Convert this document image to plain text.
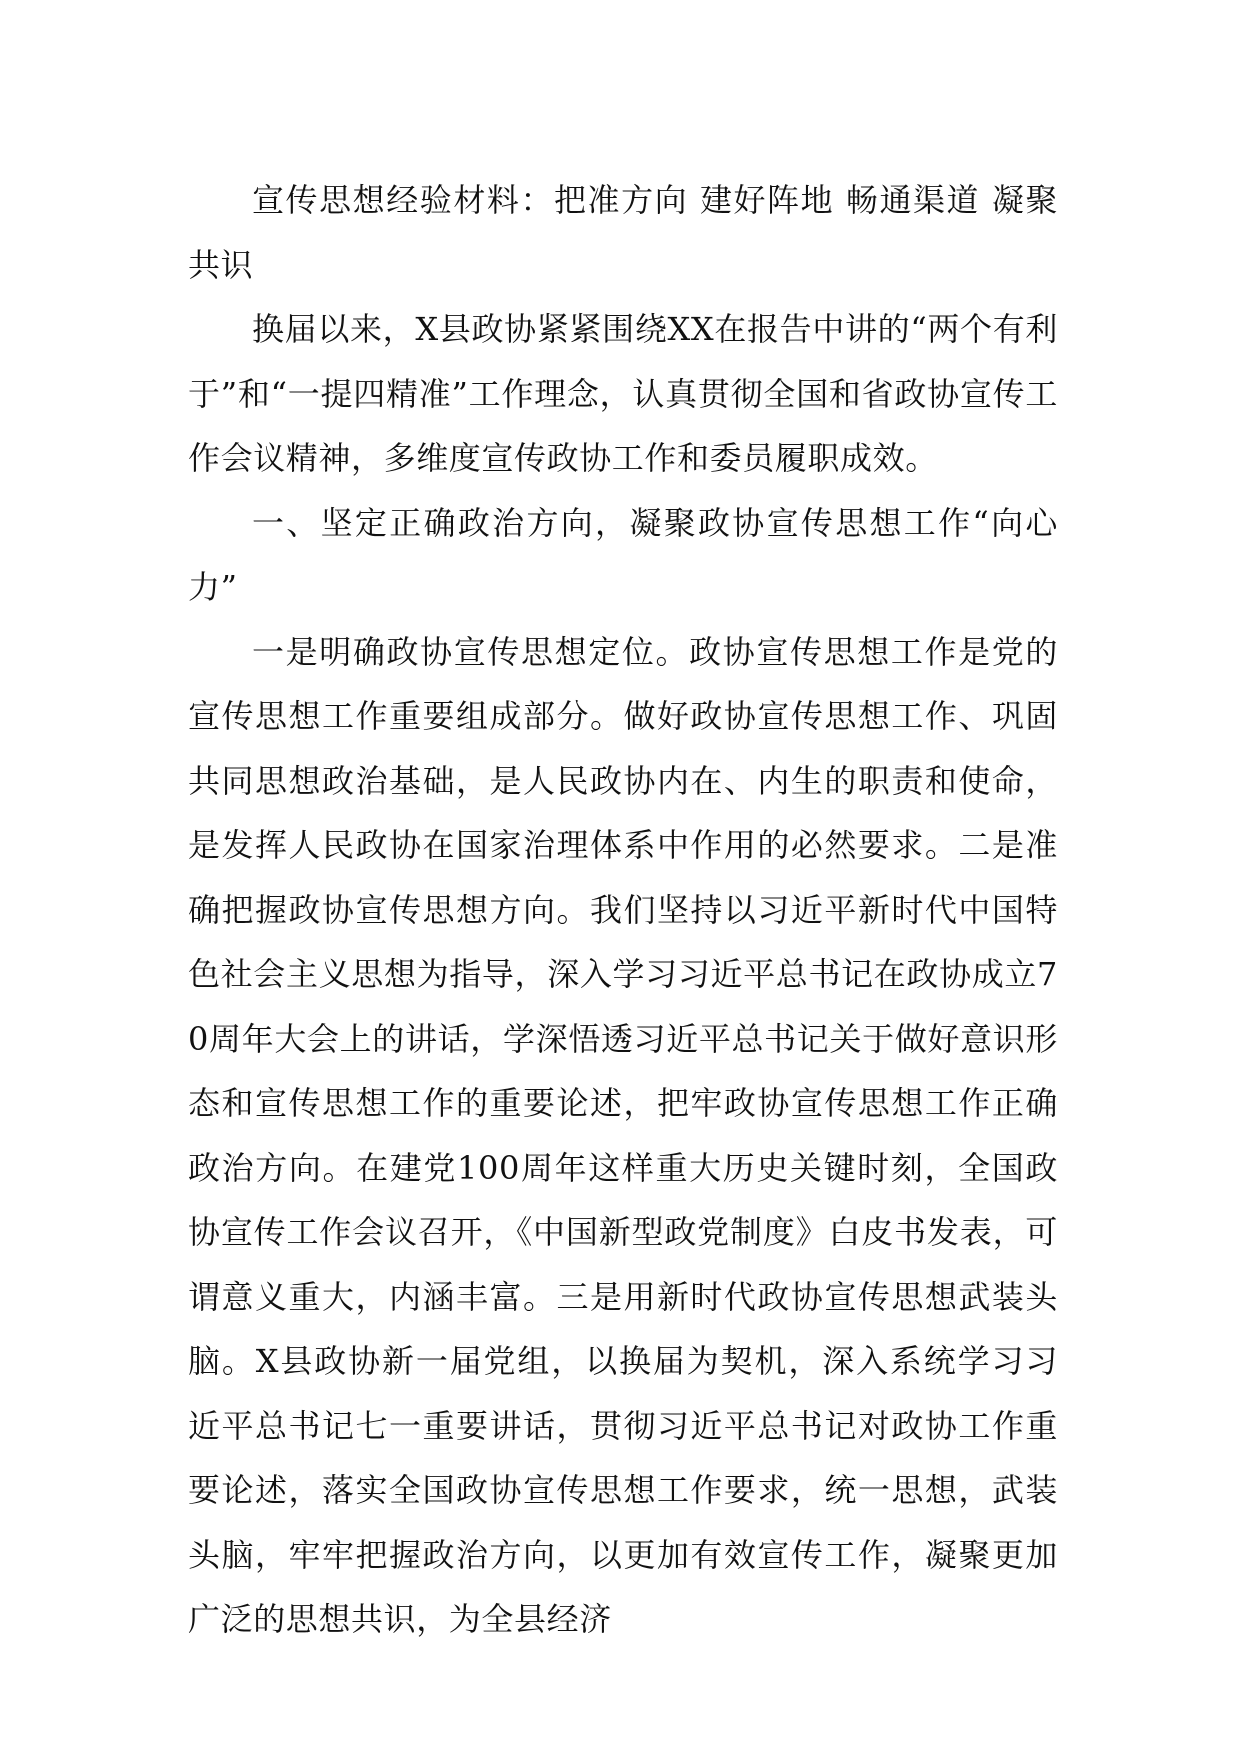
宣传思想经验材料：把准方向 建好阵地 畅通渠道 凝聚共识

换届以来，X县政协紧紧围绕XX在报告中讲的“两个有利于”和“一提四精准”工作理念，认真贯彻全国和省政协宣传工作会议精神，多维度宣传政协工作和委员履职成效。

一、坚定正确政治方向，凝聚政协宣传思想工作“向心力”

一是明确政协宣传思想定位。政协宣传思想工作是党的宣传思想工作重要组成部分。做好政协宣传思想工作、巩固共同思想政治基础，是人民政协内在、内生的职责和使命，是发挥人民政协在国家治理体系中作用的必然要求。二是准确把握政协宣传思想方向。我们坚持以习近平新时代中国特色社会主义思想为指导，深入学习习近平总书记在政协成立70周年大会上的讲话，学深悟透习近平总书记关于做好意识形态和宣传思想工作的重要论述，把牢政协宣传思想工作正确政治方向。在建党100周年这样重大历史关键时刻，全国政协宣传工作会议召开，《中国新型政党制度》白皮书发表，可谓意义重大，内涵丰富。三是用新时代政协宣传思想武装头脑。X县政协新一届党组，以换届为契机，深入系统学习习近平总书记七一重要讲话，贯彻习近平总书记对政协工作重要论述，落实全国政协宣传思想工作要求，统一思想，武装头脑，牢牢把握政治方向，以更加有效宣传工作，凝聚更加广泛的思想共识，为全县经济
